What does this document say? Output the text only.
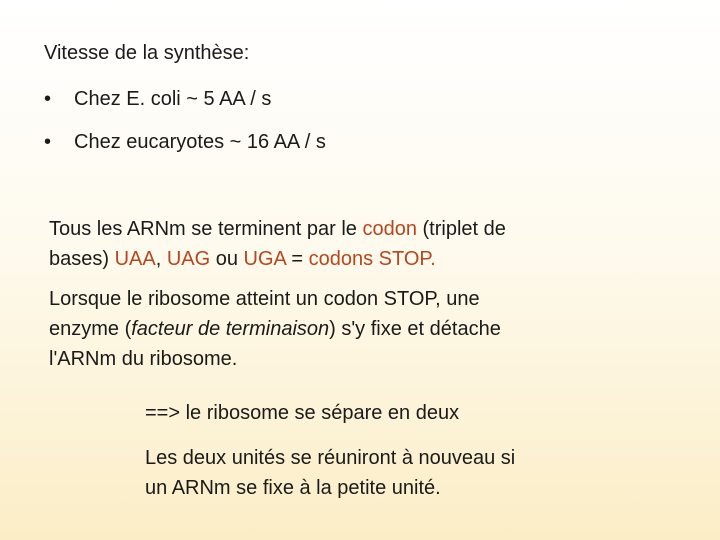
Vitesse de la synthèse:
• Chez E. coli ~ 5 AA / s
• Chez eucaryotes ~ 16 AA / s
Tous les ARNm se terminent par le codon (triplet de
bases) UAA, UAG ou UGA = codons STOP.
Lorsque le ribosome atteint un codon STOP, une
enzyme (facteur de terminaison) s'y fixe et détache
l'ARNm du ribosome.
==> le ribosome se sépare en deux
Les deux unités se réuniront à nouveau si
un ARNm se fixe à la petite unité.
